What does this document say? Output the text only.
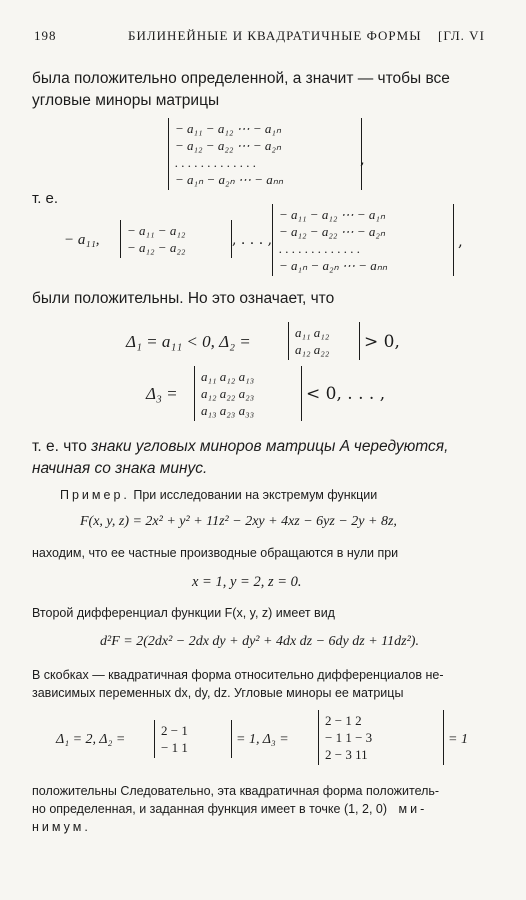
198	БИЛИНЕЙНЫЕ И КВАДРАТИЧНЫЕ ФОРМЫ [ГЛ. VI
была положительно определенной, а значит — чтобы все
угловые миноры матрицы
− a₁₁ − a₁₂ ⋯ − a₁ₙ
− a₁₂ − a₂₂ ⋯ − a₂ₙ
. . . . . . . . . . . . .
− a₁ₙ − a₂ₙ ⋯ − aₙₙ
,
т. е.
− a₁₁,
− a₁₁ − a₁₂
− a₁₂ − a₂₂	, . . . ,
− a₁₁ − a₁₂ ⋯ − a₁ₙ
− a₁₂ − a₂₂ ⋯ − a₂ₙ
. . . . . . . . . . . . .
− a₁ₙ − a₂ₙ ⋯ − aₙₙ
,
были положительны. Но это означает, что
Δ₁ = a₁₁ < 0, Δ₂ =	a₁₁ a₁₂
a₁₂ a₂₂	> 0,
Δ₃ =
a₁₁ a₁₂ a₁₃
a₁₂ a₂₂ a₂₃
a₁₃ a₂₃ a₃₃
< 0, . . . ,
т. е. что знаки угловых миноров матрицы A чередуются,
начиная со знака минус.
Пример. При исследовании на экстремум функции
F(x, y, z) = 2x² + y² + 11z² − 2xy + 4xz − 6yz − 2y + 8z,
находим, что ее частные производные обращаются в нули при
x = 1, y = 2, z = 0.
Второй дифференциал функции F(x, y, z) имеет вид
d²F = 2(2dx² − 2dx dy + dy² + 4dx dz − 6dy dz + 11dz²).
В скобках — квадратичная форма относительно дифференциалов не-
зависимых переменных dx, dy, dz. Угловые миноры ее матрицы
Δ₁ = 2, Δ₂ =
2 − 1
− 1 1
= 1, Δ₃ =
2 − 1 2
− 1 1 − 3
2 − 3 11
= 1
положительны Следовательно, эта квадратичная форма положитель-
но определенная, и заданная функция имеет в точке (1, 2, 0) ми-
нимум.
